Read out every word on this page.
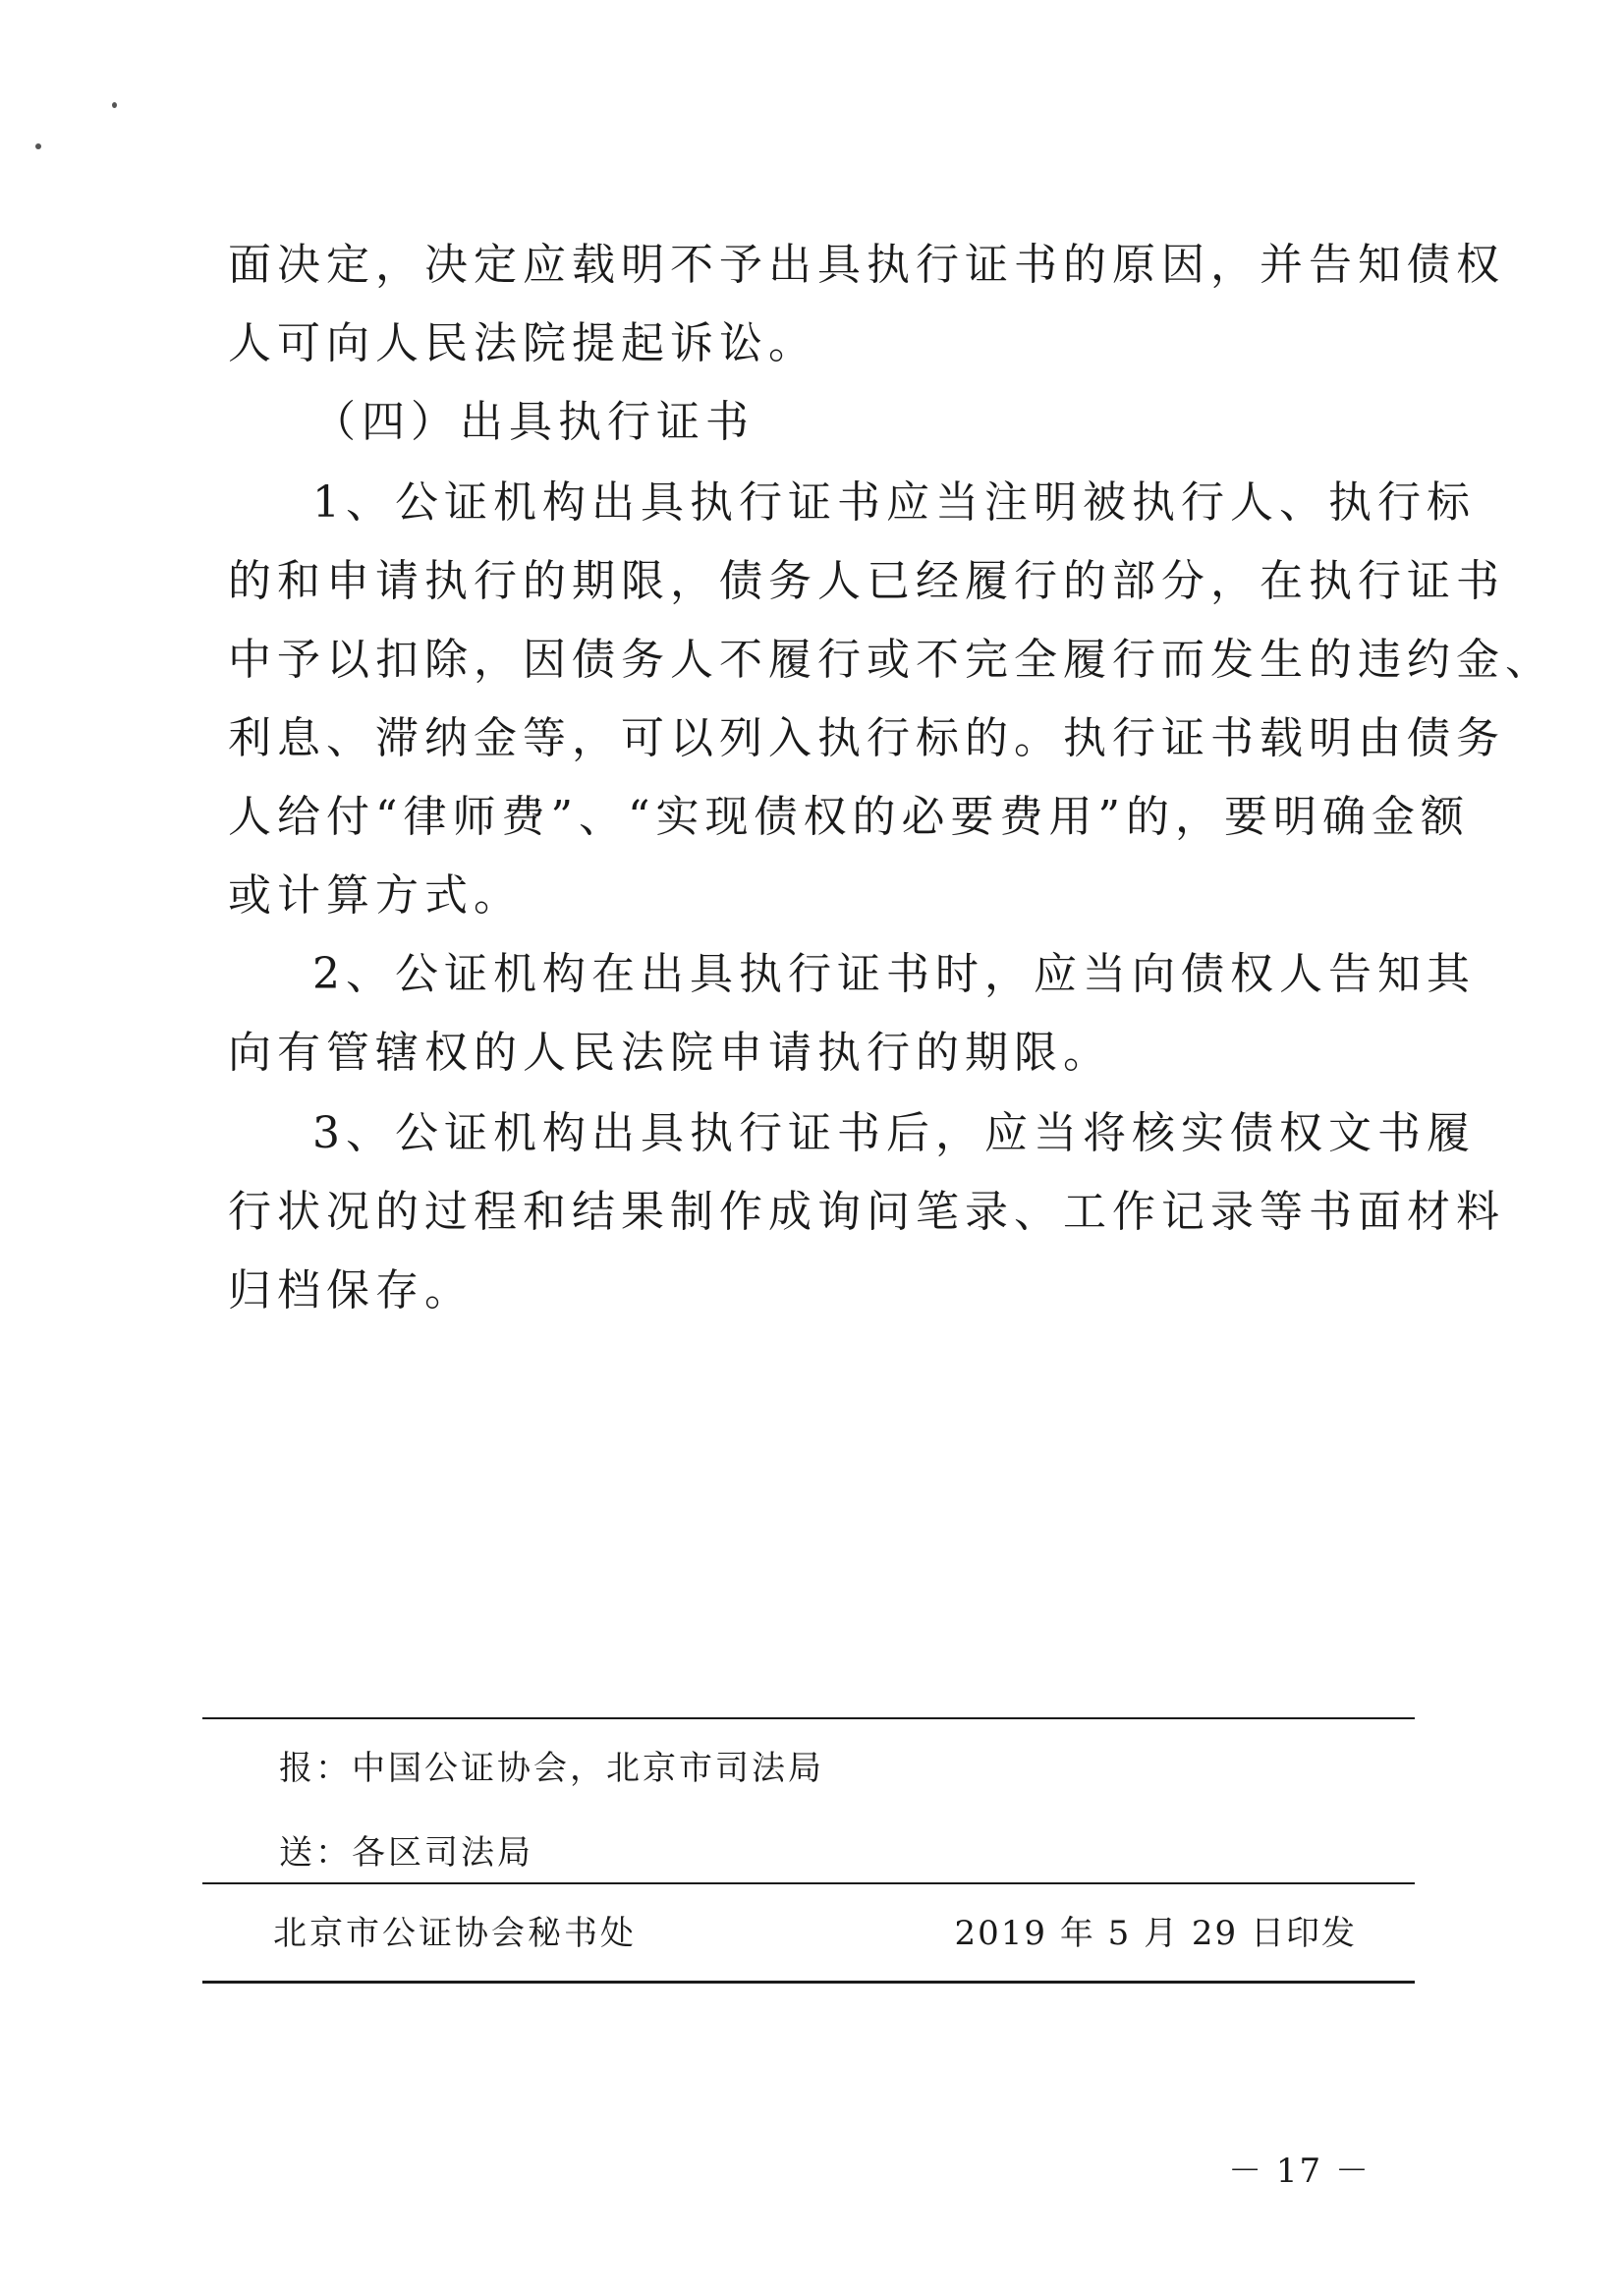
面决定，决定应载明不予出具执行证书的原因，并告知债权
人可向人民法院提起诉讼。
（四）出具执行证书
1、公证机构出具执行证书应当注明被执行人、执行标
的和申请执行的期限，债务人已经履行的部分，在执行证书
中予以扣除，因债务人不履行或不完全履行而发生的违约金、
利息、滞纳金等，可以列入执行标的。执行证书载明由债务
人给付“律师费”、“实现债权的必要费用”的，要明确金额
或计算方式。
2、公证机构在出具执行证书时，应当向债权人告知其
向有管辖权的人民法院申请执行的期限。
3、公证机构出具执行证书后，应当将核实债权文书履
行状况的过程和结果制作成询问笔录、工作记录等书面材料
归档保存。
报：中国公证协会，北京市司法局
送：各区司法局
北京市公证协会秘书处	2019 年 5 月 29 日印发
－ 17 －
